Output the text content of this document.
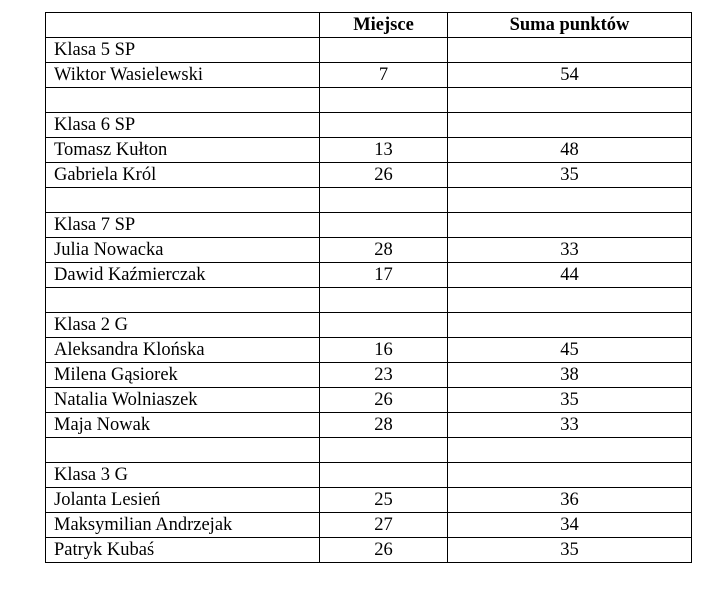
	Miejsce	Suma punktów
Klasa 5 SP		
Wiktor Wasielewski	7	54

Klasa 6 SP		
Tomasz Kułton	13	48
Gabriela Król	26	35

Klasa 7 SP		
Julia Nowacka	28	33
Dawid Kaźmierczak	17	44

Klasa 2 G		
Aleksandra Klońska	16	45
Milena Gąsiorek	23	38
Natalia Wolniaszek	26	35
Maja Nowak	28	33

Klasa 3 G		
Jolanta Lesień	25	36
Maksymilian Andrzejak	27	34
Patryk Kubaś	26	35
